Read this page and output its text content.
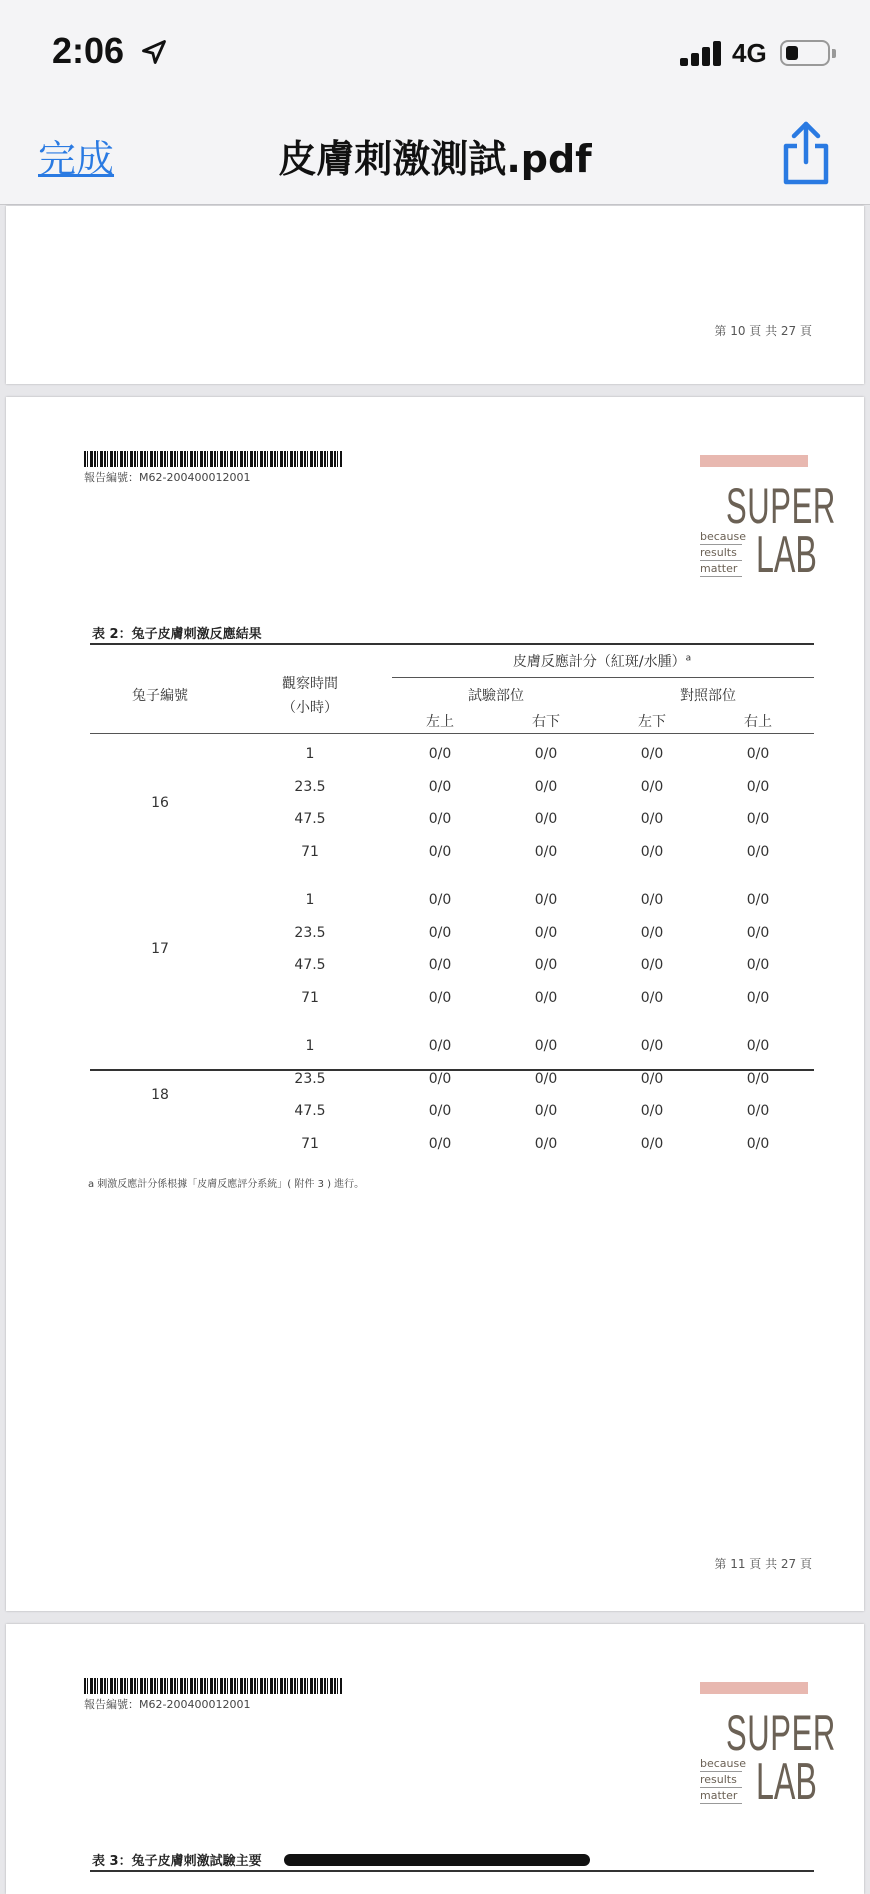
2:06	4G
完成	皮膚刺激測試.pdf
第 10 頁 共 27 頁
報告編號：M62-200400012001
SUPER
because
results
matter LAB
表 2：兔子皮膚刺激反應結果
兔子編號
觀察時間
（小時）
皮膚反應計分（紅斑/水腫）$^a$
試驗部位	對照部位
左上	右下	左下	右上
16
1	0/0	0/0	0/0	0/0
23.5	0/0	0/0	0/0	0/0
47.5	0/0	0/0	0/0	0/0
71	0/0	0/0	0/0	0/0
17
1	0/0	0/0	0/0	0/0
23.5	0/0	0/0	0/0	0/0
47.5	0/0	0/0	0/0	0/0
71	0/0	0/0	0/0	0/0
18
1	0/0	0/0	0/0	0/0
23.5	0/0	0/0	0/0	0/0
47.5	0/0	0/0	0/0	0/0
71	0/0	0/0	0/0	0/0
a 刺激反應計分係根據「皮膚反應評分系統」( 附件 3 ) 進行。
第 11 頁 共 27 頁
報告編號：M62-200400012001
SUPER
because
results
matter LAB
表 3：兔子皮膚刺激試驗主要
